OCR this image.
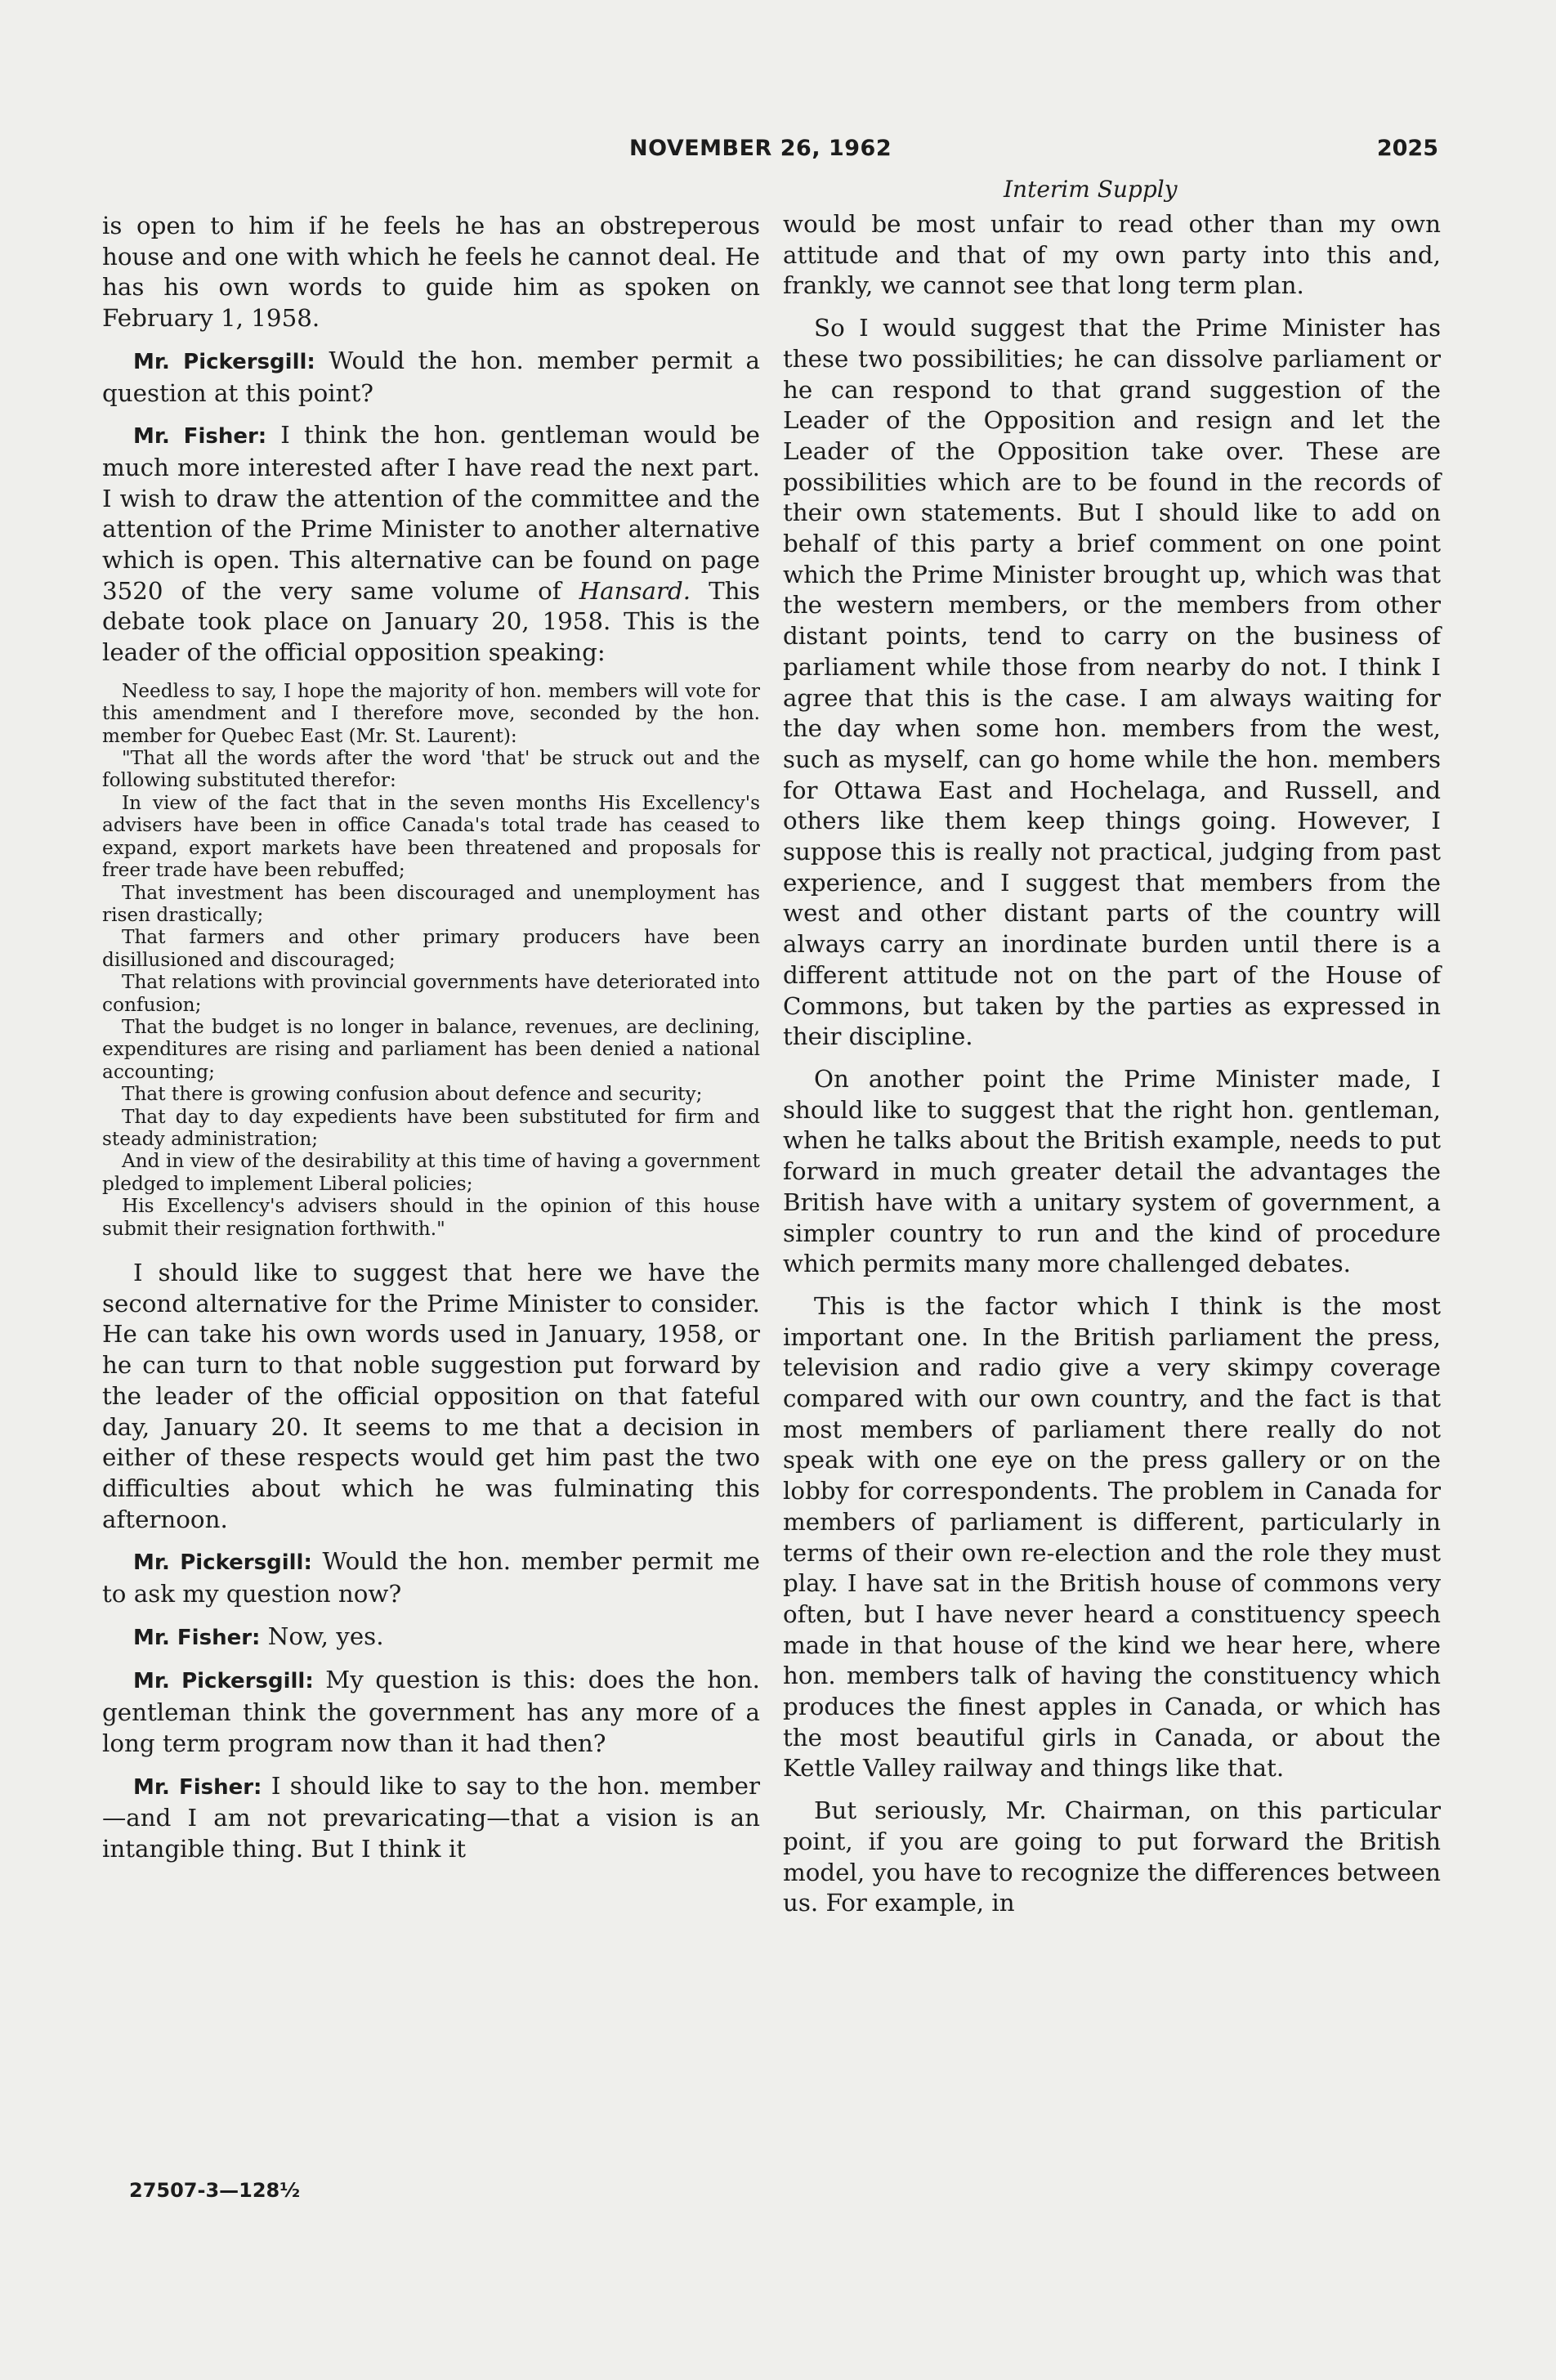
NOVEMBER 26, 1962	2025
Interim Supply

is open to him if he feels he has an obstreperous house and one with which he feels he cannot deal. He has his own words to guide him as spoken on February 1, 1958.

Mr. Pickersgill: Would the hon. member permit a question at this point?

Mr. Fisher: I think the hon. gentleman would be much more interested after I have read the next part. I wish to draw the attention of the committee and the attention of the Prime Minister to another alternative which is open. This alternative can be found on page 3520 of the very same volume of Hansard. This debate took place on January 20, 1958. This is the leader of the official opposition speaking:

Needless to say, I hope the majority of hon. members will vote for this amendment and I therefore move, seconded by the hon. member for Quebec East (Mr. St. Laurent):

"That all the words after the word 'that' be struck out and the following substituted therefor:

In view of the fact that in the seven months His Excellency's advisers have been in office Canada's total trade has ceased to expand, export markets have been threatened and proposals for freer trade have been rebuffed;

That investment has been discouraged and unemployment has risen drastically;

That farmers and other primary producers have been disillusioned and discouraged;

That relations with provincial governments have deteriorated into confusion;

That the budget is no longer in balance, revenues, are declining, expenditures are rising and parliament has been denied a national accounting;

That there is growing confusion about defence and security;

That day to day expedients have been substituted for firm and steady administration;

And in view of the desirability at this time of having a government pledged to implement Liberal policies;

His Excellency's advisers should in the opinion of this house submit their resignation forthwith."

I should like to suggest that here we have the second alternative for the Prime Minister to consider. He can take his own words used in January, 1958, or he can turn to that noble suggestion put forward by the leader of the official opposition on that fateful day, January 20. It seems to me that a decision in either of these respects would get him past the two difficulties about which he was fulminating this afternoon.

Mr. Pickersgill: Would the hon. member permit me to ask my question now?

Mr. Fisher: Now, yes.

Mr. Pickersgill: My question is this: does the hon. gentleman think the government has any more of a long term program now than it had then?

Mr. Fisher: I should like to say to the hon. member—and I am not prevaricating—that a vision is an intangible thing. But I think it

would be most unfair to read other than my own attitude and that of my own party into this and, frankly, we cannot see that long term plan.

So I would suggest that the Prime Minister has these two possibilities; he can dissolve parliament or he can respond to that grand suggestion of the Leader of the Opposition and resign and let the Leader of the Opposition take over. These are possibilities which are to be found in the records of their own statements. But I should like to add on behalf of this party a brief comment on one point which the Prime Minister brought up, which was that the western members, or the members from other distant points, tend to carry on the business of parliament while those from nearby do not. I think I agree that this is the case. I am always waiting for the day when some hon. members from the west, such as myself, can go home while the hon. members for Ottawa East and Hochelaga, and Russell, and others like them keep things going. However, I suppose this is really not practical, judging from past experience, and I suggest that members from the west and other distant parts of the country will always carry an inordinate burden until there is a different attitude not on the part of the House of Commons, but taken by the parties as expressed in their discipline.

On another point the Prime Minister made, I should like to suggest that the right hon. gentleman, when he talks about the British example, needs to put forward in much greater detail the advantages the British have with a unitary system of government, a simpler country to run and the kind of procedure which permits many more challenged debates.

This is the factor which I think is the most important one. In the British parliament the press, television and radio give a very skimpy coverage compared with our own country, and the fact is that most members of parliament there really do not speak with one eye on the press gallery or on the lobby for correspondents. The problem in Canada for members of parliament is different, particularly in terms of their own re-election and the role they must play. I have sat in the British house of commons very often, but I have never heard a constituency speech made in that house of the kind we hear here, where hon. members talk of having the constituency which produces the finest apples in Canada, or which has the most beautiful girls in Canada, or about the Kettle Valley railway and things like that.

But seriously, Mr. Chairman, on this particular point, if you are going to put forward the British model, you have to recognize the differences between us. For example, in

27507-3—128½
